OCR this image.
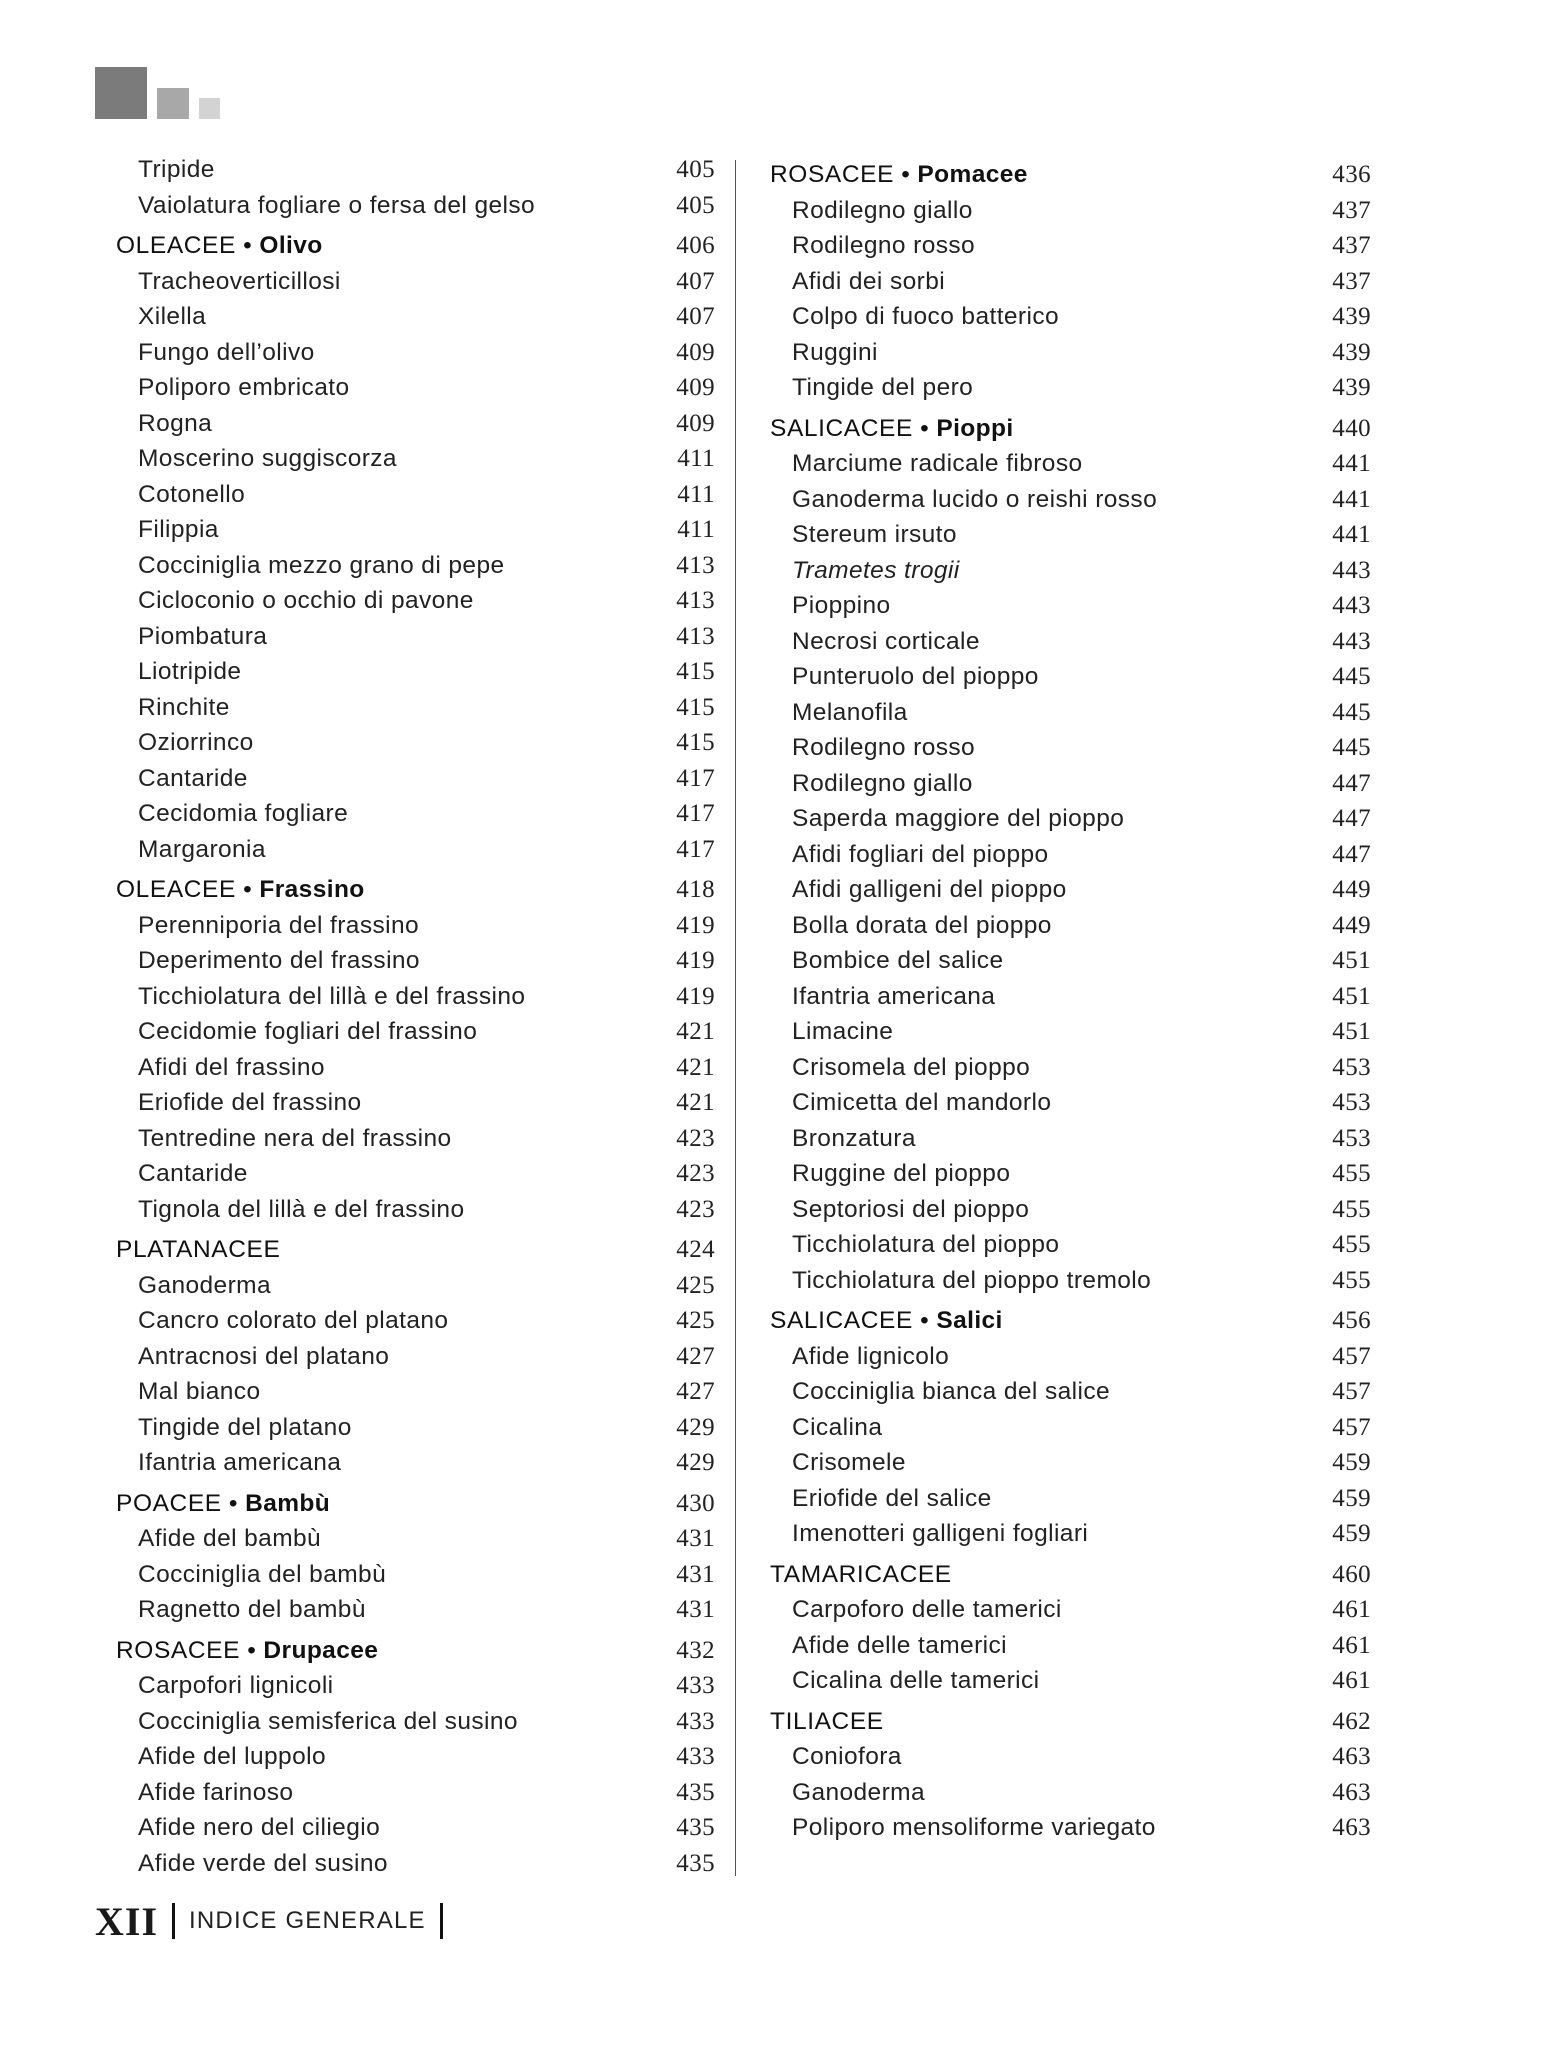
Tripide	405
Vaiolatura fogliare o fersa del gelso	405
OLEACEE • Olivo	406
Tracheoverticillosi	407
Xilella	407
Fungo dell’olivo	409
Poliporo embricato	409
Rogna	409
Moscerino suggiscorza	411
Cotonello	411
Filippia	411
Cocciniglia mezzo grano di pepe	413
Cicloconio o occhio di pavone	413
Piombatura	413
Liotripide	415
Rinchite	415
Oziorrinco	415
Cantaride	417
Cecidomia fogliare	417
Margaronia	417
OLEACEE • Frassino	418
Perenniporia del frassino	419
Deperimento del frassino	419
Ticchiolatura del lillà e del frassino	419
Cecidomie fogliari del frassino	421
Afidi del frassino	421
Eriofide del frassino	421
Tentredine nera del frassino	423
Cantaride	423
Tignola del lillà e del frassino	423
PLATANACEE	424
Ganoderma	425
Cancro colorato del platano	425
Antracnosi del platano	427
Mal bianco	427
Tingide del platano	429
Ifantria americana	429
POACEE • Bambù	430
Afide del bambù	431
Cocciniglia del bambù	431
Ragnetto del bambù	431
ROSACEE • Drupacee	432
Carpofori lignicoli	433
Cocciniglia semisferica del susino	433
Afide del luppolo	433
Afide farinoso	435
Afide nero del ciliegio	435
Afide verde del susino	435
ROSACEE • Pomacee	436
Rodilegno giallo	437
Rodilegno rosso	437
Afidi dei sorbi	437
Colpo di fuoco batterico	439
Ruggini	439
Tingide del pero	439
SALICACEE • Pioppi	440
Marciume radicale fibroso	441
Ganoderma lucido o reishi rosso	441
Stereum irsuto	441
Trametes trogii	443
Pioppino	443
Necrosi corticale	443
Punteruolo del pioppo	445
Melanofila	445
Rodilegno rosso	445
Rodilegno giallo	447
Saperda maggiore del pioppo	447
Afidi fogliari del pioppo	447
Afidi galligeni del pioppo	449
Bolla dorata del pioppo	449
Bombice del salice	451
Ifantria americana	451
Limacine	451
Crisomela del pioppo	453
Cimicetta del mandorlo	453
Bronzatura	453
Ruggine del pioppo	455
Septoriosi del pioppo	455
Ticchiolatura del pioppo	455
Ticchiolatura del pioppo tremolo	455
SALICACEE • Salici	456
Afide lignicolo	457
Cocciniglia bianca del salice	457
Cicalina	457
Crisomele	459
Eriofide del salice	459
Imenotteri galligeni fogliari	459
TAMARICACEE	460
Carpoforo delle tamerici	461
Afide delle tamerici	461
Cicalina delle tamerici	461
TILIACEE	462
Coniofora	463
Ganoderma	463
Poliporo mensoliforme variegato	463
XII INDICE GENERALE
